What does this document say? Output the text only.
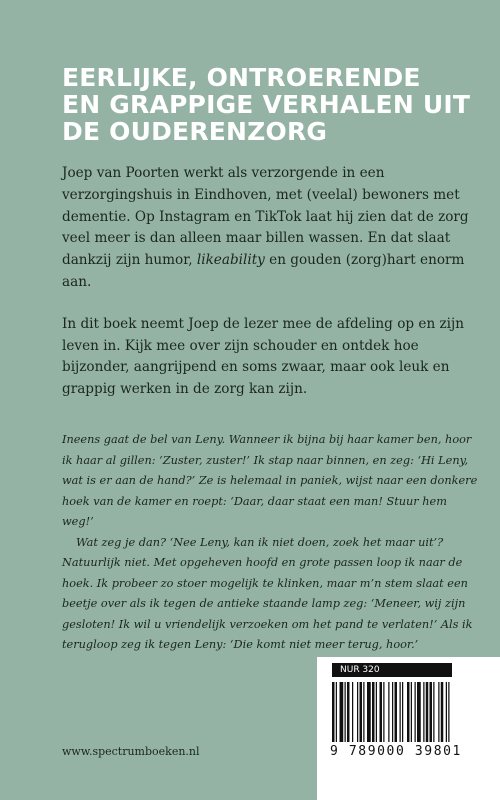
EERLIJKE, ONTROERENDE
EN GRAPPIGE VERHALEN UIT
DE OUDERENZORG

Joep van Poorten werkt als verzorgende in een verzorgingshuis in Eindhoven, met (veelal) bewoners met dementie. Op Instagram en TikTok laat hij zien dat de zorg veel meer is dan alleen maar billen wassen. En dat slaat dankzij zijn humor, likeability en gouden (zorg)hart enorm aan.

In dit boek neemt Joep de lezer mee de afdeling op en zijn leven in. Kijk mee over zijn schouder en ontdek hoe bijzonder, aangrijpend en soms zwaar, maar ook leuk en grappig werken in de zorg kan zijn.

Ineens gaat de bel van Leny. Wanneer ik bijna bij haar kamer ben, hoor ik haar al gillen: ‘Zuster, zuster!’ Ik stap naar binnen, en zeg: ‘Hi Leny, wat is er aan de hand?’ Ze is helemaal in paniek, wijst naar een donkere hoek van de kamer en roept: ‘Daar, daar staat een man! Stuur hem weg!’

Wat zeg je dan? ‘Nee Leny, kan ik niet doen, zoek het maar uit’? Natuurlijk niet. Met opgeheven hoofd en grote passen loop ik naar de hoek. Ik probeer zo stoer mogelijk te klinken, maar m’n stem slaat een beetje over als ik tegen de antieke staande lamp zeg: ‘Meneer, wij zijn gesloten! Ik wil u vriendelijk verzoeken om het pand te verlaten!’ Als ik terugloop zeg ik tegen Leny: ‘Die komt niet meer terug, hoor.’

www.spectrumboeken.nl
NUR 320
9 789000 39801
